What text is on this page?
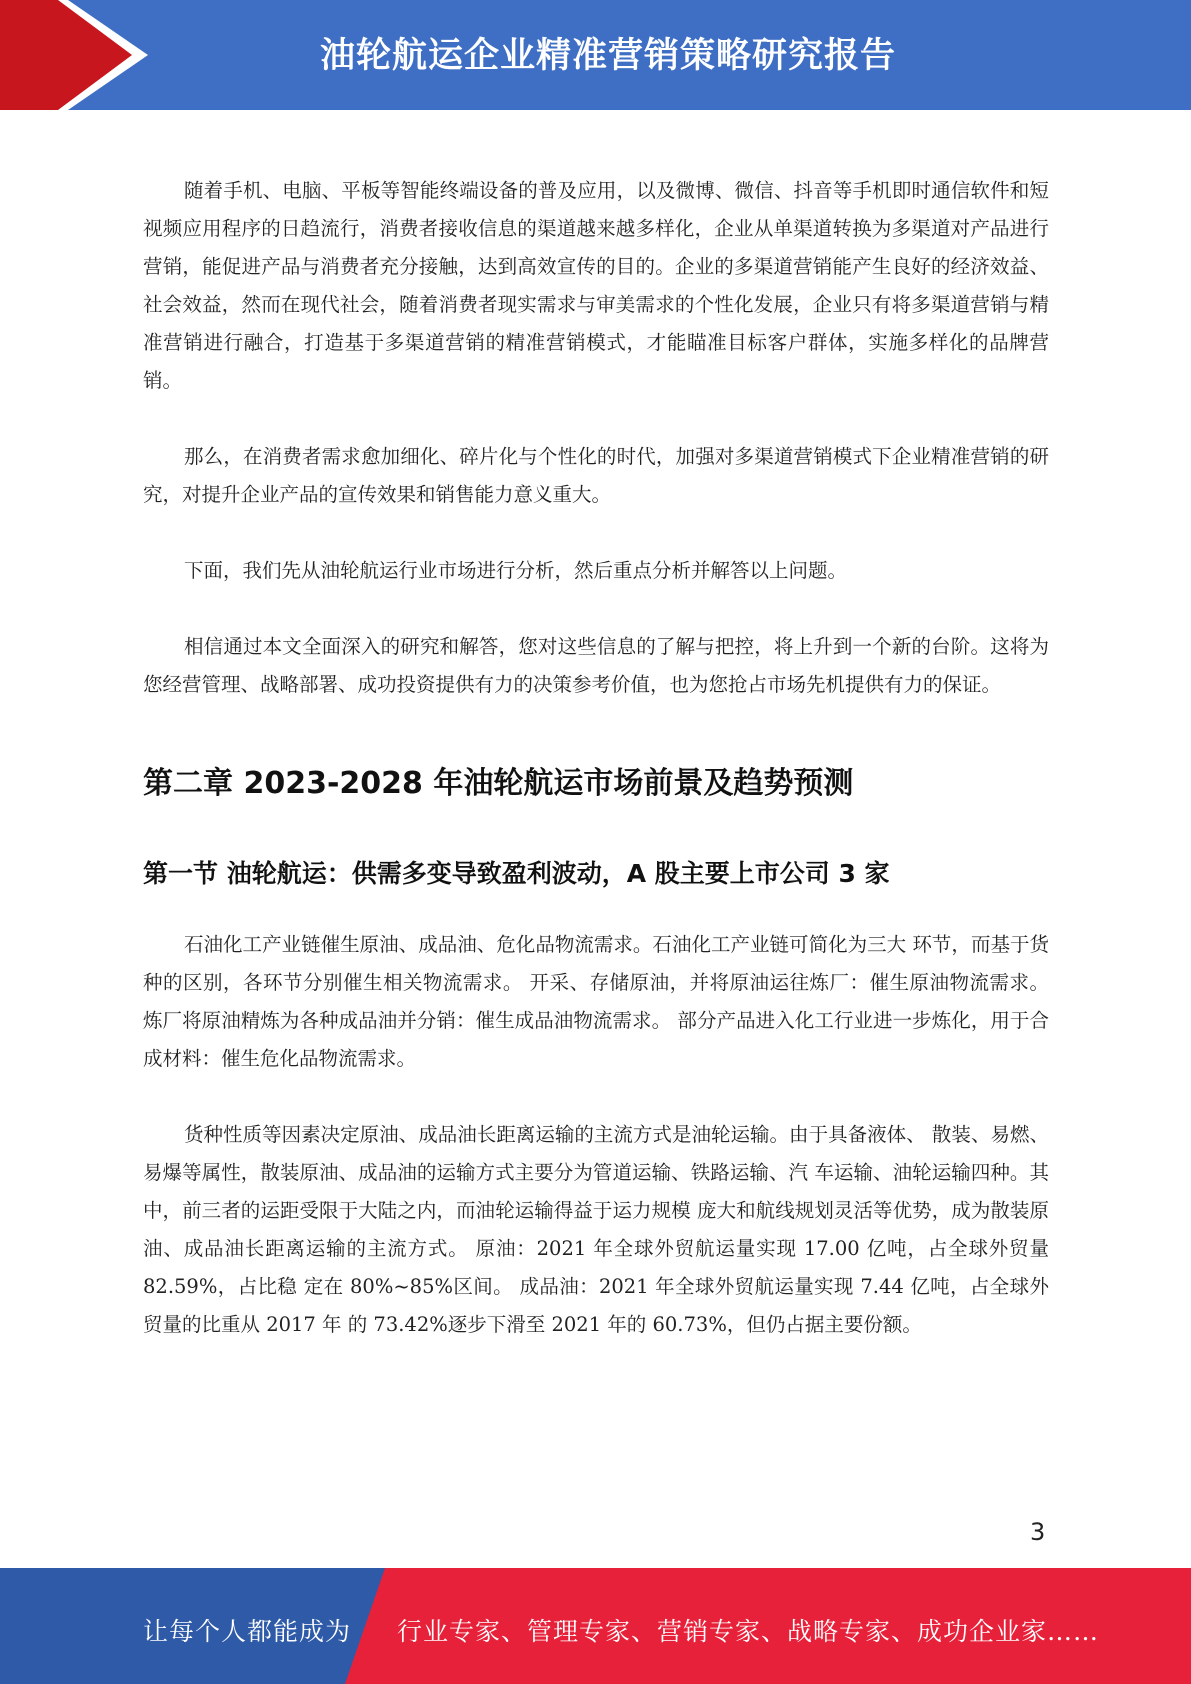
油轮航运企业精准营销策略研究报告

随着手机、电脑、平板等智能终端设备的普及应用，以及微博、微信、抖音等手机即时通信软件和短视频应用程序的日趋流行，消费者接收信息的渠道越来越多样化，企业从单渠道转换为多渠道对产品进行营销，能促进产品与消费者充分接触，达到高效宣传的目的。企业的多渠道营销能产生良好的经济效益、社会效益，然而在现代社会，随着消费者现实需求与审美需求的个性化发展，企业只有将多渠道营销与精准营销进行融合，打造基于多渠道营销的精准营销模式，才能瞄准目标客户群体，实施多样化的品牌营销。

那么，在消费者需求愈加细化、碎片化与个性化的时代，加强对多渠道营销模式下企业精准营销的研究，对提升企业产品的宣传效果和销售能力意义重大。

下面，我们先从油轮航运行业市场进行分析，然后重点分析并解答以上问题。

相信通过本文全面深入的研究和解答，您对这些信息的了解与把控，将上升到一个新的台阶。这将为您经营管理、战略部署、成功投资提供有力的决策参考价值，也为您抢占市场先机提供有力的保证。

第二章 2023-2028 年油轮航运市场前景及趋势预测
第一节 油轮航运：供需多变导致盈利波动，A 股主要上市公司 3 家

石油化工产业链催生原油、成品油、危化品物流需求。石油化工产业链可简化为三大 环节，而基于货种的区别，各环节分别催生相关物流需求。 开采、存储原油，并将原油运往炼厂：催生原油物流需求。 炼厂将原油精炼为各种成品油并分销：催生成品油物流需求。 部分产品进入化工行业进一步炼化，用于合成材料：催生危化品物流需求。

货种性质等因素决定原油、成品油长距离运输的主流方式是油轮运输。由于具备液体、 散装、易燃、易爆等属性，散装原油、成品油的运输方式主要分为管道运输、铁路运输、汽 车运输、油轮运输四种。其中，前三者的运距受限于大陆之内，而油轮运输得益于运力规模 庞大和航线规划灵活等优势，成为散装原油、成品油长距离运输的主流方式。 原油：2021 年全球外贸航运量实现 17.00 亿吨，占全球外贸量 82.59%，占比稳 定在 80%~85%区间。 成品油：2021 年全球外贸航运量实现 7.44 亿吨，占全球外贸量的比重从 2017 年 的 73.42%逐步下滑至 2021 年的 60.73%，但仍占据主要份额。

3
让每个人都能成为 行业专家、管理专家、营销专家、战略专家、成功企业家……
